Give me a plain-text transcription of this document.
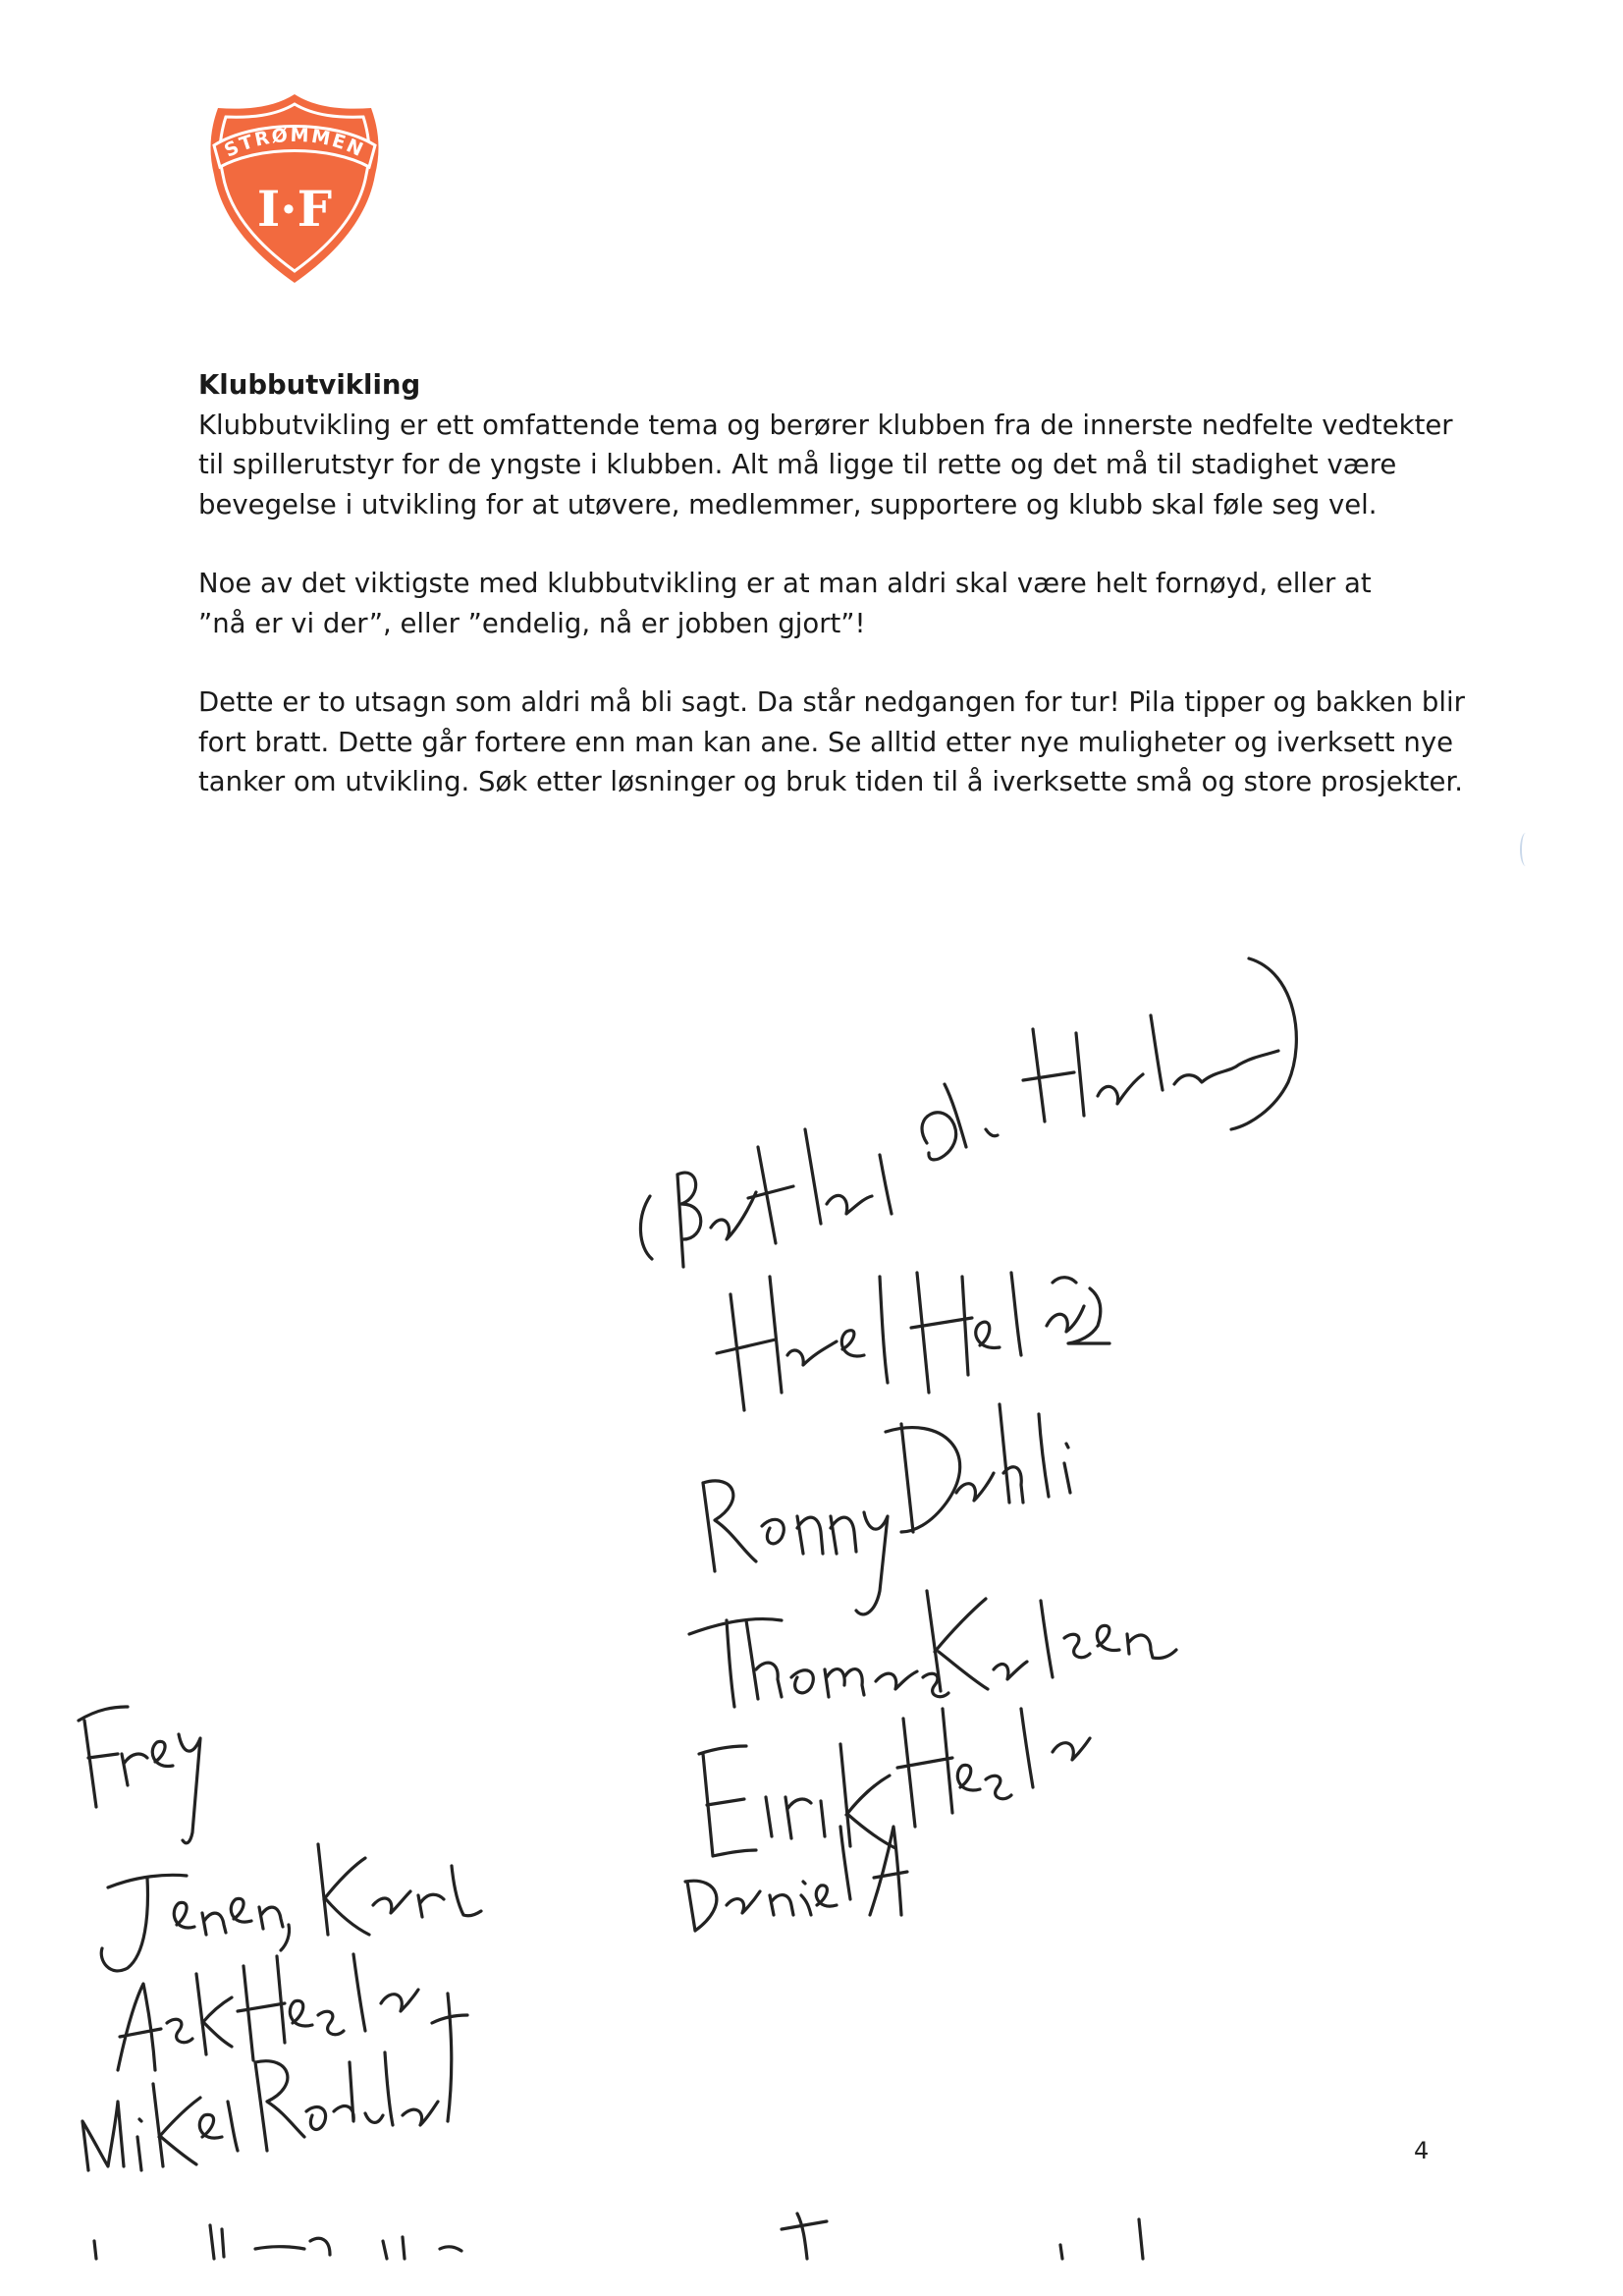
STRØMMEN
I·F
Klubbutvikling
Klubbutvikling er ett omfattende tema og berører klubben fra de innerste nedfelte vedtekter
til spillerutstyr for de yngste i klubben. Alt må ligge til rette og det må til stadighet være
bevegelse i utvikling for at utøvere, medlemmer, supportere og klubb skal føle seg vel.
Noe av det viktigste med klubbutvikling er at man aldri skal være helt fornøyd, eller at
”nå er vi der”, eller ”endelig, nå er jobben gjort”!
Dette er to utsagn som aldri må bli sagt. Da står nedgangen for tur! Pila tipper og bakken blir
fort bratt. Dette går fortere enn man kan ane. Se alltid etter nye muligheter og iverksett nye
tanker om utvikling. Søk etter løsninger og bruk tiden til å iverksette små og store prosjekter.
4
